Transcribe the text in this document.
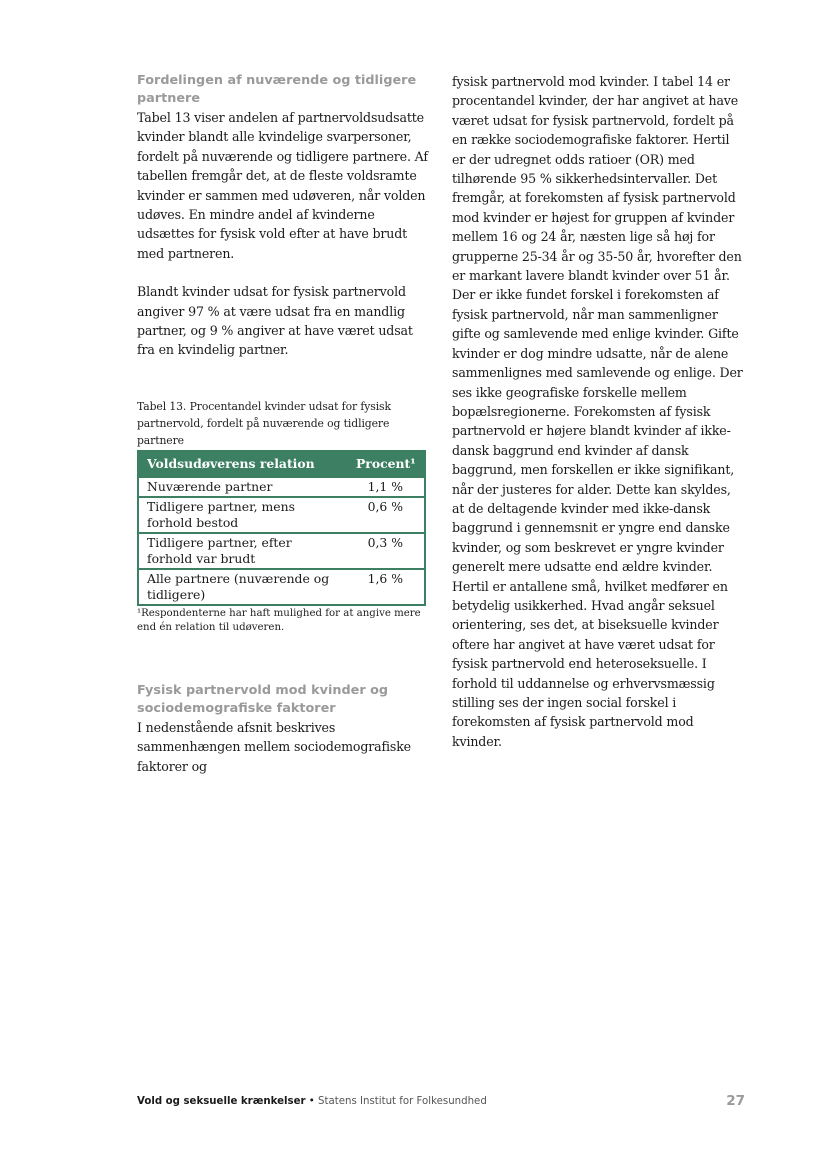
Fordelingen af nuværende og tidligere partnere

Tabel 13 viser andelen af partnervoldsudsatte kvinder blandt alle kvindelige svarpersoner, fordelt på nuværende og tidligere partnere. Af tabellen fremgår det, at de fleste voldsramte kvinder er sammen med udøveren, når volden udøves. En mindre andel af kvinderne udsættes for fysisk vold efter at have brudt med partneren.

Blandt kvinder udsat for fysisk partnervold angiver 97 % at være udsat fra en mandlig partner, og 9 % angiver at have været udsat fra en kvindelig partner.

Tabel 13. Procentandel kvinder udsat for fysisk partnervold, fordelt på nuværende og tidligere partnere

Voldsudøverens relation	Procent¹
Nuværende partner	1,1 %
Tidligere partner, mens forhold bestod	0,6 %
Tidligere partner, efter forhold var brudt	0,3 %
Alle partnere (nuværende og tidligere)	1,6 %

¹Respondenterne har haft mulighed for at angive mere end én relation til udøveren.

Fysisk partnervold mod kvinder og sociodemografiske faktorer

I nedenstående afsnit beskrives sammenhængen mellem sociodemografiske faktorer og

fysisk partnervold mod kvinder. I tabel 14 er procentandel kvinder, der har angivet at have været udsat for fysisk partnervold, fordelt på en række sociodemografiske faktorer. Hertil er der udregnet odds ratioer (OR) med tilhørende 95 % sikkerhedsintervaller. Det fremgår, at forekomsten af fysisk partnervold mod kvinder er højest for gruppen af kvinder mellem 16 og 24 år, næsten lige så høj for grupperne 25-34 år og 35-50 år, hvorefter den er markant lavere blandt kvinder over 51 år. Der er ikke fundet forskel i forekomsten af fysisk partnervold, når man sammenligner gifte og samlevende med enlige kvinder. Gifte kvinder er dog mindre udsatte, når de alene sammenlignes med samlevende og enlige. Der ses ikke geografiske forskelle mellem bopælsregionerne. Forekomsten af fysisk partnervold er højere blandt kvinder af ikke-dansk baggrund end kvinder af dansk baggrund, men forskellen er ikke signifikant, når der justeres for alder. Dette kan skyldes, at de deltagende kvinder med ikke-dansk baggrund i gennemsnit er yngre end danske kvinder, og som beskrevet er yngre kvinder generelt mere udsatte end ældre kvinder. Hertil er antallene små, hvilket medfører en betydelig usikkerhed. Hvad angår seksuel orientering, ses det, at biseksuelle kvinder oftere har angivet at have været udsat for fysisk partnervold end heteroseksuelle. I forhold til uddannelse og erhvervsmæssig stilling ses der ingen social forskel i forekomsten af fysisk partnervold mod kvinder.

Vold og seksuelle krænkelser • Statens Institut for Folkesundhed	27
